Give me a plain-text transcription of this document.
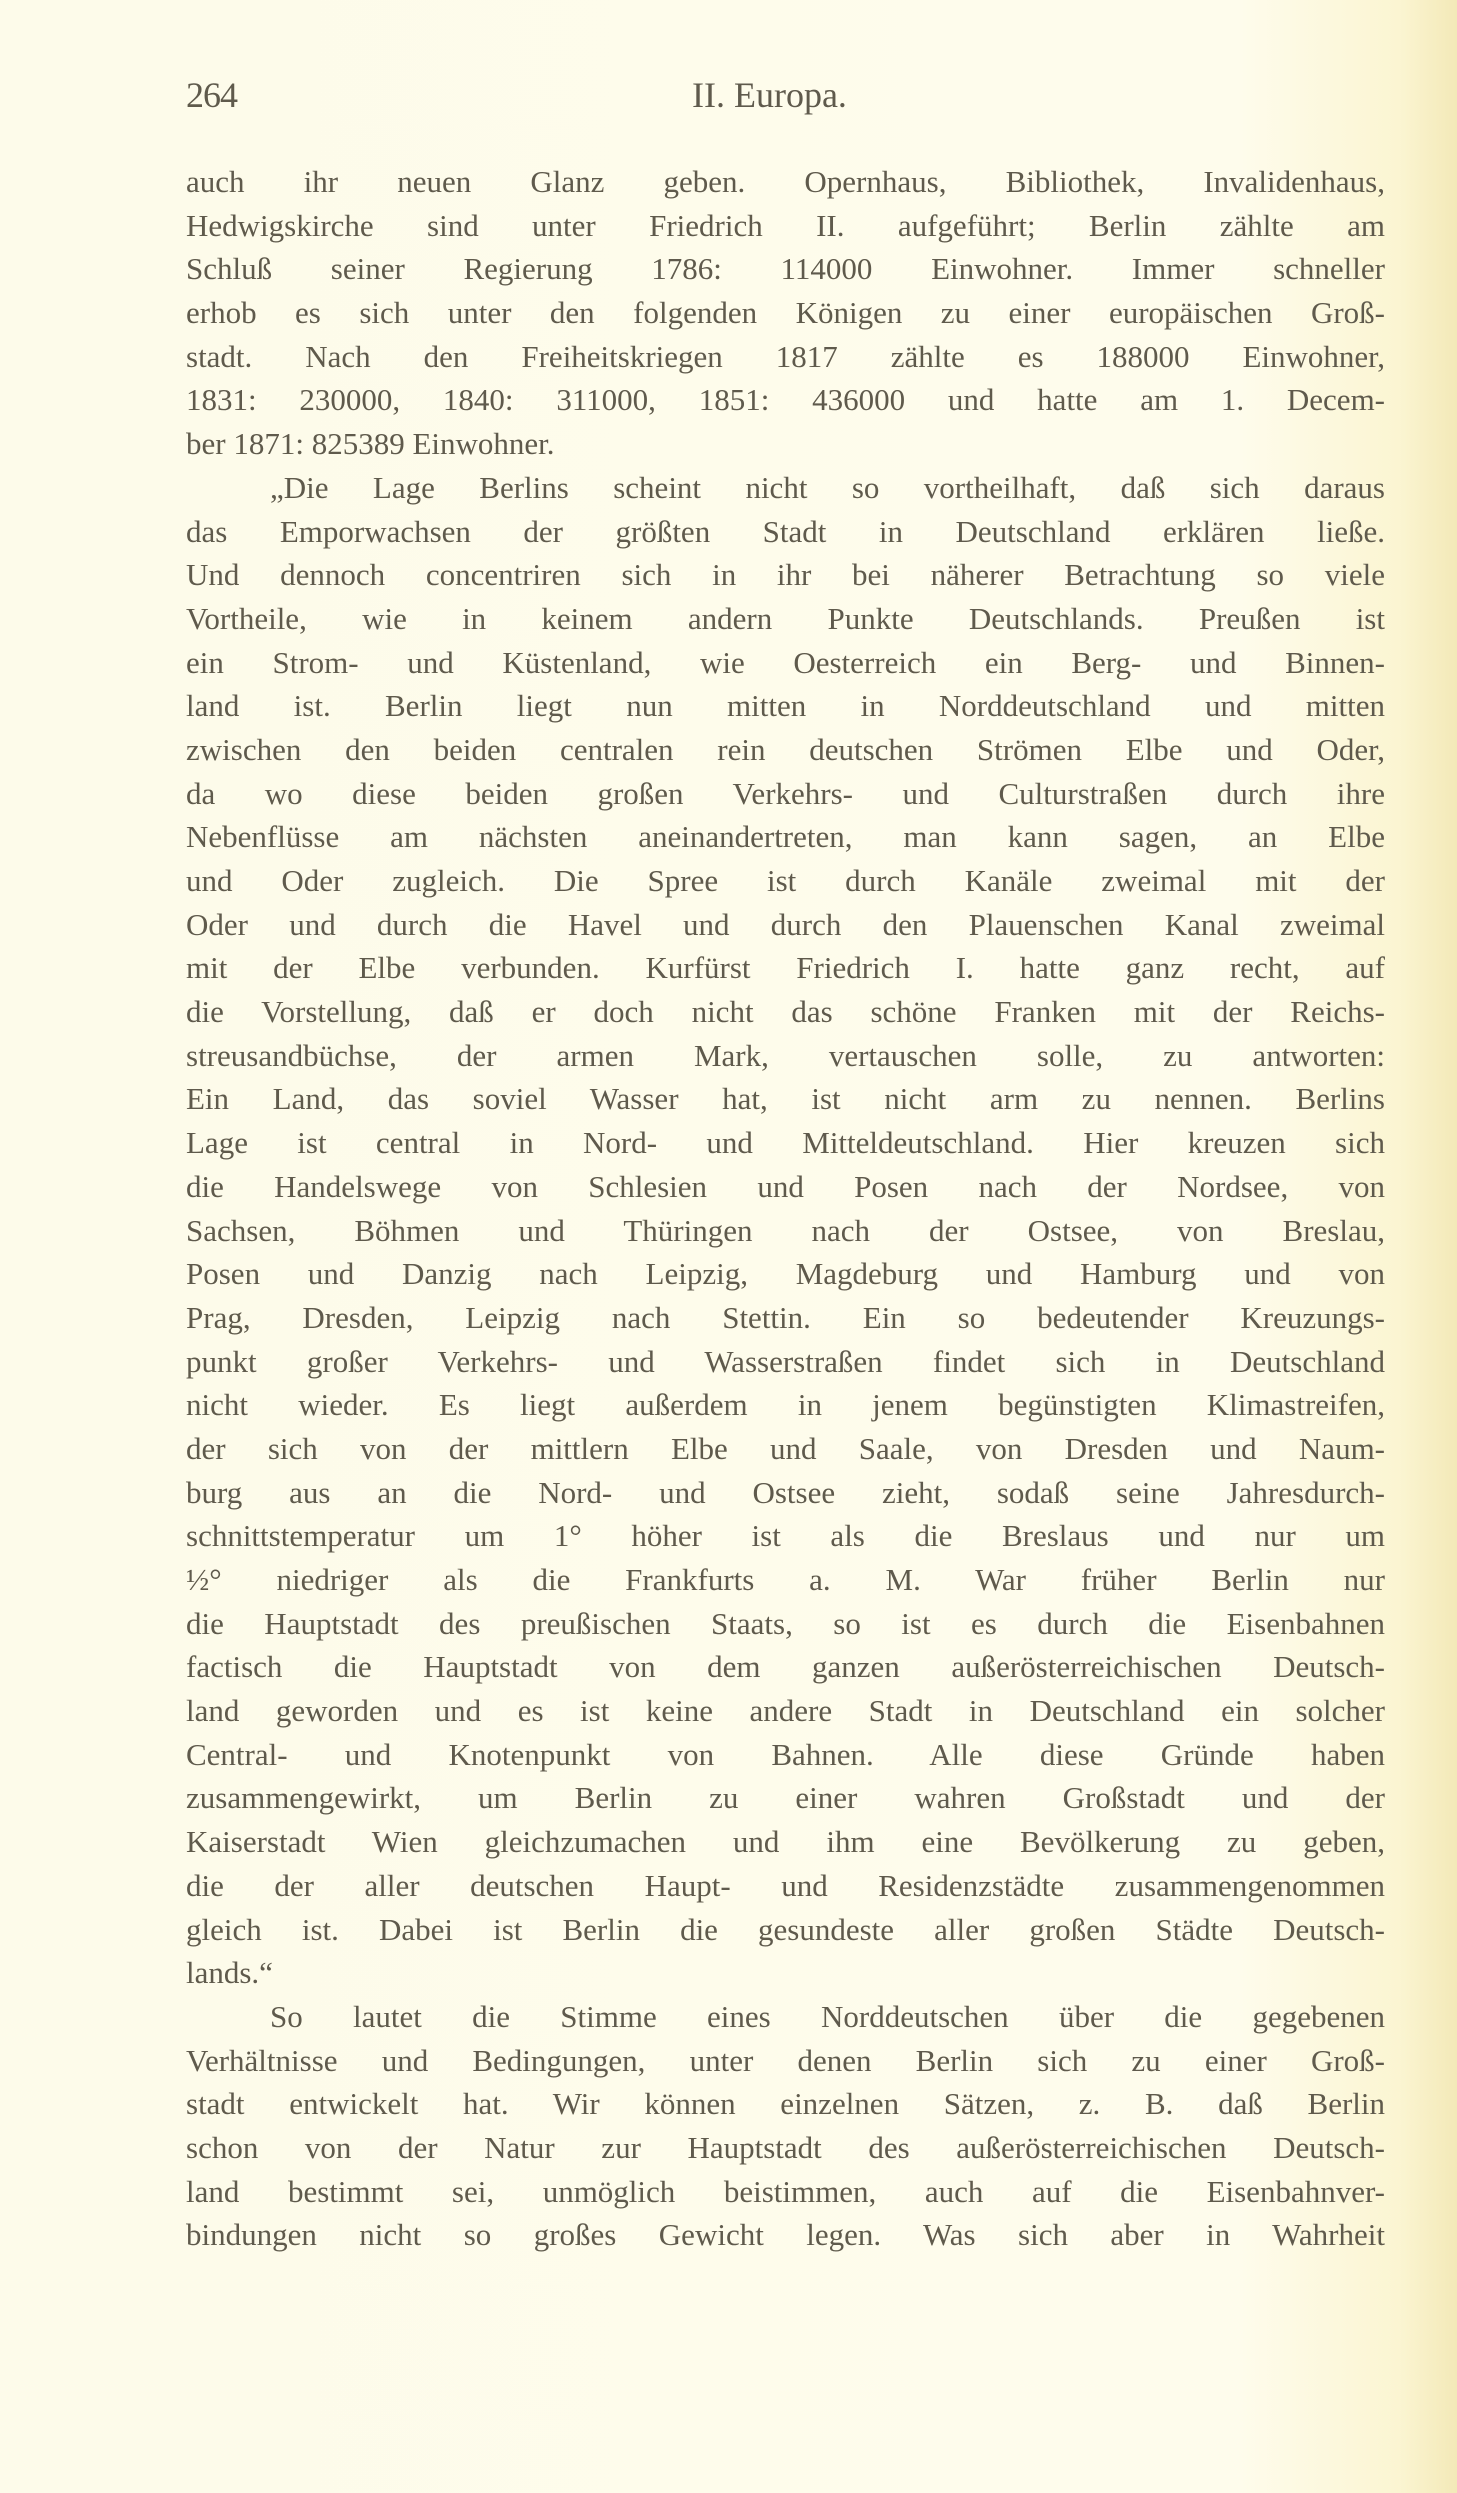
264	II. Europa.
auch ihr neuen Glanz geben. Opernhaus, Bibliothek, Invalidenhaus,
Hedwigskirche sind unter Friedrich II. aufgeführt; Berlin zählte am
Schluß seiner Regierung 1786: 114000 Einwohner. Immer schneller
erhob es sich unter den folgenden Königen zu einer europäischen Groß-
stadt. Nach den Freiheitskriegen 1817 zählte es 188000 Einwohner,
1831: 230000, 1840: 311000, 1851: 436000 und hatte am 1. Decem-
ber 1871: 825389 Einwohner.
„Die Lage Berlins scheint nicht so vortheilhaft, daß sich daraus
das Emporwachsen der größten Stadt in Deutschland erklären ließe.
Und dennoch concentriren sich in ihr bei näherer Betrachtung so viele
Vortheile, wie in keinem andern Punkte Deutschlands. Preußen ist
ein Strom- und Küstenland, wie Oesterreich ein Berg- und Binnen-
land ist. Berlin liegt nun mitten in Norddeutschland und mitten
zwischen den beiden centralen rein deutschen Strömen Elbe und Oder,
da wo diese beiden großen Verkehrs- und Culturstraßen durch ihre
Nebenflüsse am nächsten aneinandertreten, man kann sagen, an Elbe
und Oder zugleich. Die Spree ist durch Kanäle zweimal mit der
Oder und durch die Havel und durch den Plauenschen Kanal zweimal
mit der Elbe verbunden. Kurfürst Friedrich I. hatte ganz recht, auf
die Vorstellung, daß er doch nicht das schöne Franken mit der Reichs-
streusandbüchse, der armen Mark, vertauschen solle, zu antworten:
Ein Land, das soviel Wasser hat, ist nicht arm zu nennen. Berlins
Lage ist central in Nord- und Mitteldeutschland. Hier kreuzen sich
die Handelswege von Schlesien und Posen nach der Nordsee, von
Sachsen, Böhmen und Thüringen nach der Ostsee, von Breslau,
Posen und Danzig nach Leipzig, Magdeburg und Hamburg und von
Prag, Dresden, Leipzig nach Stettin. Ein so bedeutender Kreuzungs-
punkt großer Verkehrs- und Wasserstraßen findet sich in Deutschland
nicht wieder. Es liegt außerdem in jenem begünstigten Klimastreifen,
der sich von der mittlern Elbe und Saale, von Dresden und Naum-
burg aus an die Nord- und Ostsee zieht, sodaß seine Jahresdurch-
schnittstemperatur um 1° höher ist als die Breslaus und nur um
½° niedriger als die Frankfurts a. M. War früher Berlin nur
die Hauptstadt des preußischen Staats, so ist es durch die Eisenbahnen
factisch die Hauptstadt von dem ganzen außerösterreichischen Deutsch-
land geworden und es ist keine andere Stadt in Deutschland ein solcher
Central- und Knotenpunkt von Bahnen. Alle diese Gründe haben
zusammengewirkt, um Berlin zu einer wahren Großstadt und der
Kaiserstadt Wien gleichzumachen und ihm eine Bevölkerung zu geben,
die der aller deutschen Haupt- und Residenzstädte zusammengenommen
gleich ist. Dabei ist Berlin die gesundeste aller großen Städte Deutsch-
lands.“
So lautet die Stimme eines Norddeutschen über die gegebenen
Verhältnisse und Bedingungen, unter denen Berlin sich zu einer Groß-
stadt entwickelt hat. Wir können einzelnen Sätzen, z. B. daß Berlin
schon von der Natur zur Hauptstadt des außerösterreichischen Deutsch-
land bestimmt sei, unmöglich beistimmen, auch auf die Eisenbahnver-
bindungen nicht so großes Gewicht legen. Was sich aber in Wahrheit
